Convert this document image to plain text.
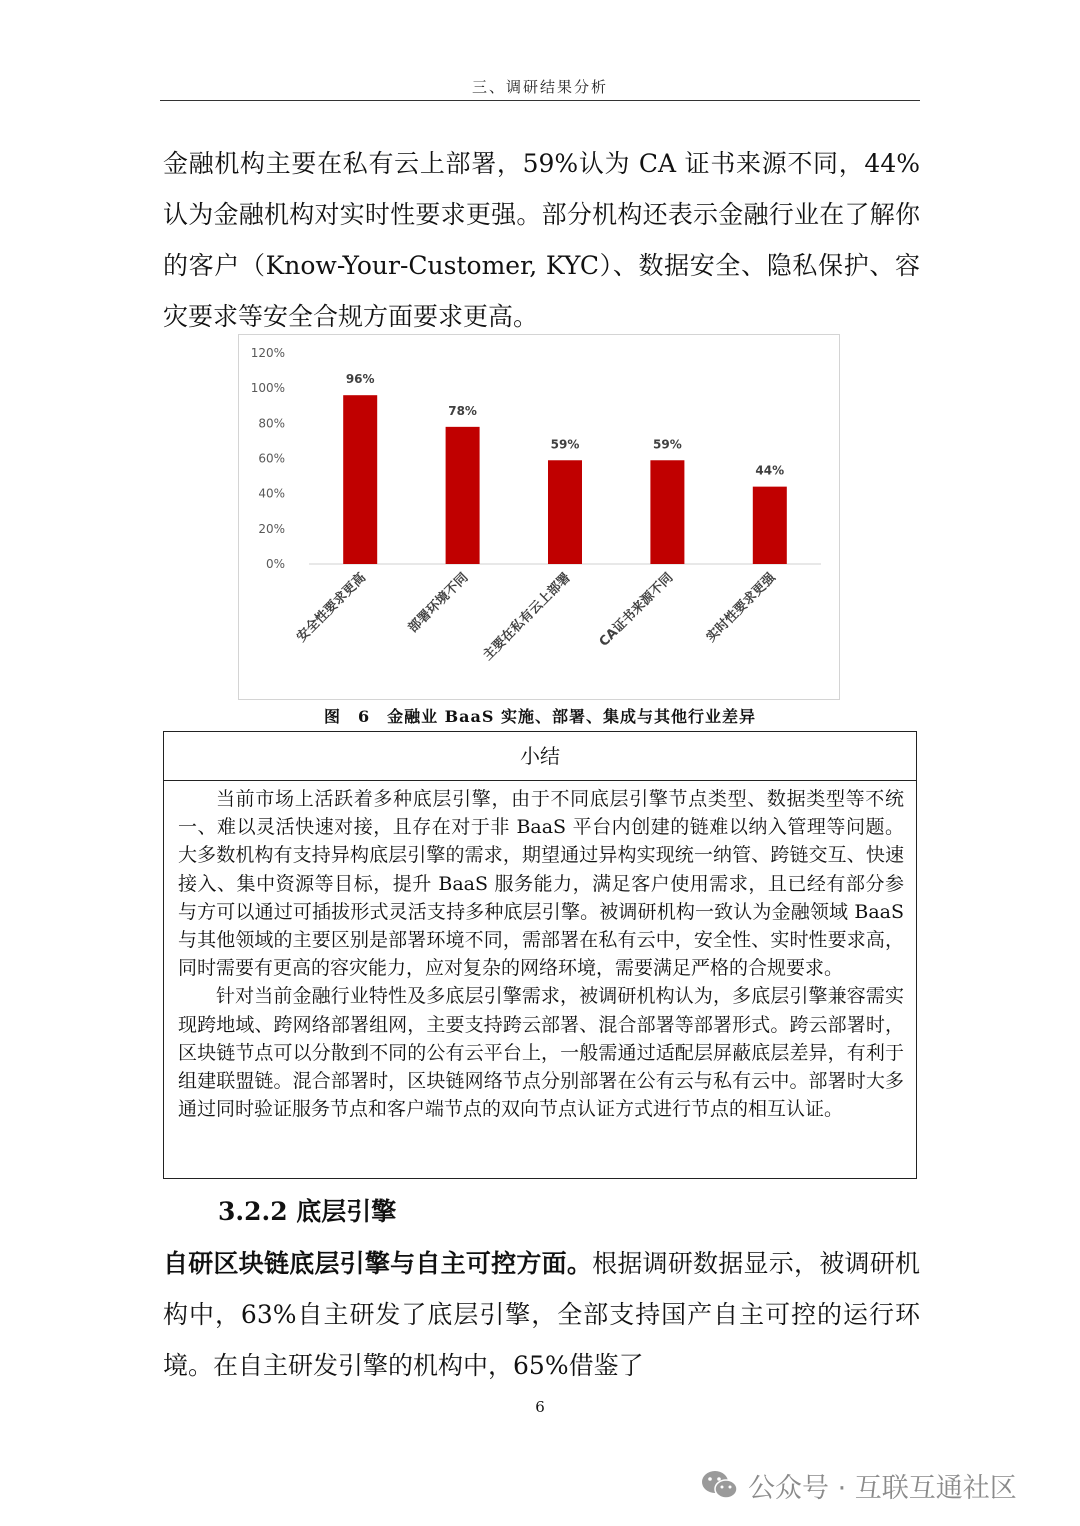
三、调研结果分析

金融机构主要在私有云上部署，59%认为 CA 证书来源不同，44%认为金融机构对实时性要求更强。部分机构还表示金融行业在了解你的客户（Know-Your-Customer, KYC）、数据安全、隐私保护、容灾要求等安全合规方面要求更高。

0%
20%
40%
60%
80%
100%
120%
96%
安全性要求更高
78%
部署环境不同
59%
主要在私有云上部署
59%
CA证书来源不同
44%
实时性要求更强
图　6　金融业 BaaS 实施、部署、集成与其他行业差异
小结

当前市场上活跃着多种底层引擎，由于不同底层引擎节点类型、数据类型等不统一、难以灵活快速对接，且存在对于非 BaaS 平台内创建的链难以纳入管理等问题。大多数机构有支持异构底层引擎的需求，期望通过异构实现统一纳管、跨链交互、快速接入、集中资源等目标，提升 BaaS 服务能力，满足客户使用需求，且已经有部分参与方可以通过可插拔形式灵活支持多种底层引擎。被调研机构一致认为金融领域 BaaS 与其他领域的主要区别是部署环境不同，需部署在私有云中，安全性、实时性要求高，同时需要有更高的容灾能力，应对复杂的网络环境，需要满足严格的合规要求。

针对当前金融行业特性及多底层引擎需求，被调研机构认为，多底层引擎兼容需实现跨地域、跨网络部署组网，主要支持跨云部署、混合部署等部署形式。跨云部署时，区块链节点可以分散到不同的公有云平台上，一般需通过适配层屏蔽底层差异，有利于组建联盟链。混合部署时，区块链网络节点分别部署在公有云与私有云中。部署时大多通过同时验证服务节点和客户端节点的双向节点认证方式进行节点的相互认证。

3.2.2 底层引擎

自研区块链底层引擎与自主可控方面。根据调研数据显示，被调研机构中，63%自主研发了底层引擎，全部支持国产自主可控的运行环境。在自主研发引擎的机构中，65%借鉴了

6
公众号 · 互联互通社区
